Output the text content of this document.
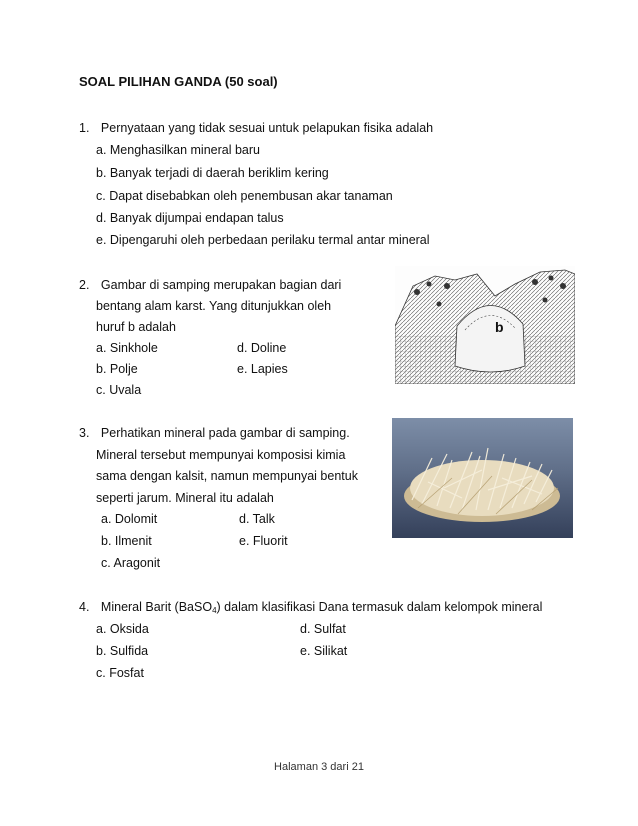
SOAL PILIHAN GANDA (50 soal)
1. Pernyataan yang tidak sesuai untuk pelapukan fisika adalah
a. Menghasilkan mineral baru
b. Banyak terjadi di daerah beriklim kering
c. Dapat disebabkan oleh penembusan akar tanaman
d. Banyak dijumpai endapan talus
e. Dipengaruhi oleh perbedaan perilaku termal antar mineral
2. Gambar di samping merupakan bagian dari
bentang alam karst. Yang ditunjukkan oleh
huruf b adalah
a. Sinkhole	d. Doline
b. Polje	e. Lapies
c. Uvala
b
3. Perhatikan mineral pada gambar di samping.
Mineral tersebut mempunyai komposisi kimia
sama dengan kalsit, namun mempunyai bentuk
seperti jarum. Mineral itu adalah
a. Dolomit	d. Talk
b. Ilmenit	e. Fluorit
c. Aragonit
4. Mineral Barit (BaSO$_4$) dalam klasifikasi Dana termasuk dalam kelompok mineral
a. Oksida	d. Sulfat
b. Sulfida	e. Silikat
c. Fosfat
Halaman 3 dari 21
